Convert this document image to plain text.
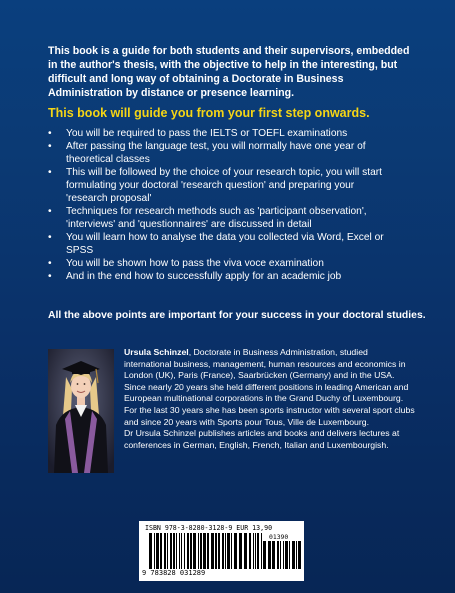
This book is a guide for both students and their supervisors, embedded in the author's thesis, with the objective to help in the interesting, but difficult and long way of obtaining a Doctorate in Business Administration by distance or presence learning.

This book will guide you from your first step onwards.

• You will be required to pass the IELTS or TOEFL examinations
• After passing the language test, you will normally have one year of theoretical classes
• This will be followed by the choice of your research topic, you will start formulating your doctoral 'research question' and preparing your 'research proposal'
• Techniques for research methods such as 'participant observation', 'interviews' and 'questionnaires' are discussed in detail
• You will learn how to analyse the data you collected via Word, Excel or SPSS
• You will be shown how to pass the viva voce examination
• And in the end how to successfully apply for an academic job

All the above points are important for your success in your doctoral studies.

Ursula Schinzel, Doctorate in Business Administration, studied international business, management, human resources and economics in London (UK), Paris (France), Saarbrücken (Germany) and in the USA. Since nearly 20 years she held different positions in leading American and European multinational corporations in the Grand Duchy of Luxembourg. For the last 30 years she has been sports instructor with several sport clubs and since 20 years with Sports pour Tous, Ville de Luxembourg.
Dr Ursula Schinzel publishes articles and books and delivers lectures at conferences in German, English, French, Italian and Luxembourgish.
ISBN 978-3-8280-3128-9 EUR 13,90
01390
9 783828 031289
